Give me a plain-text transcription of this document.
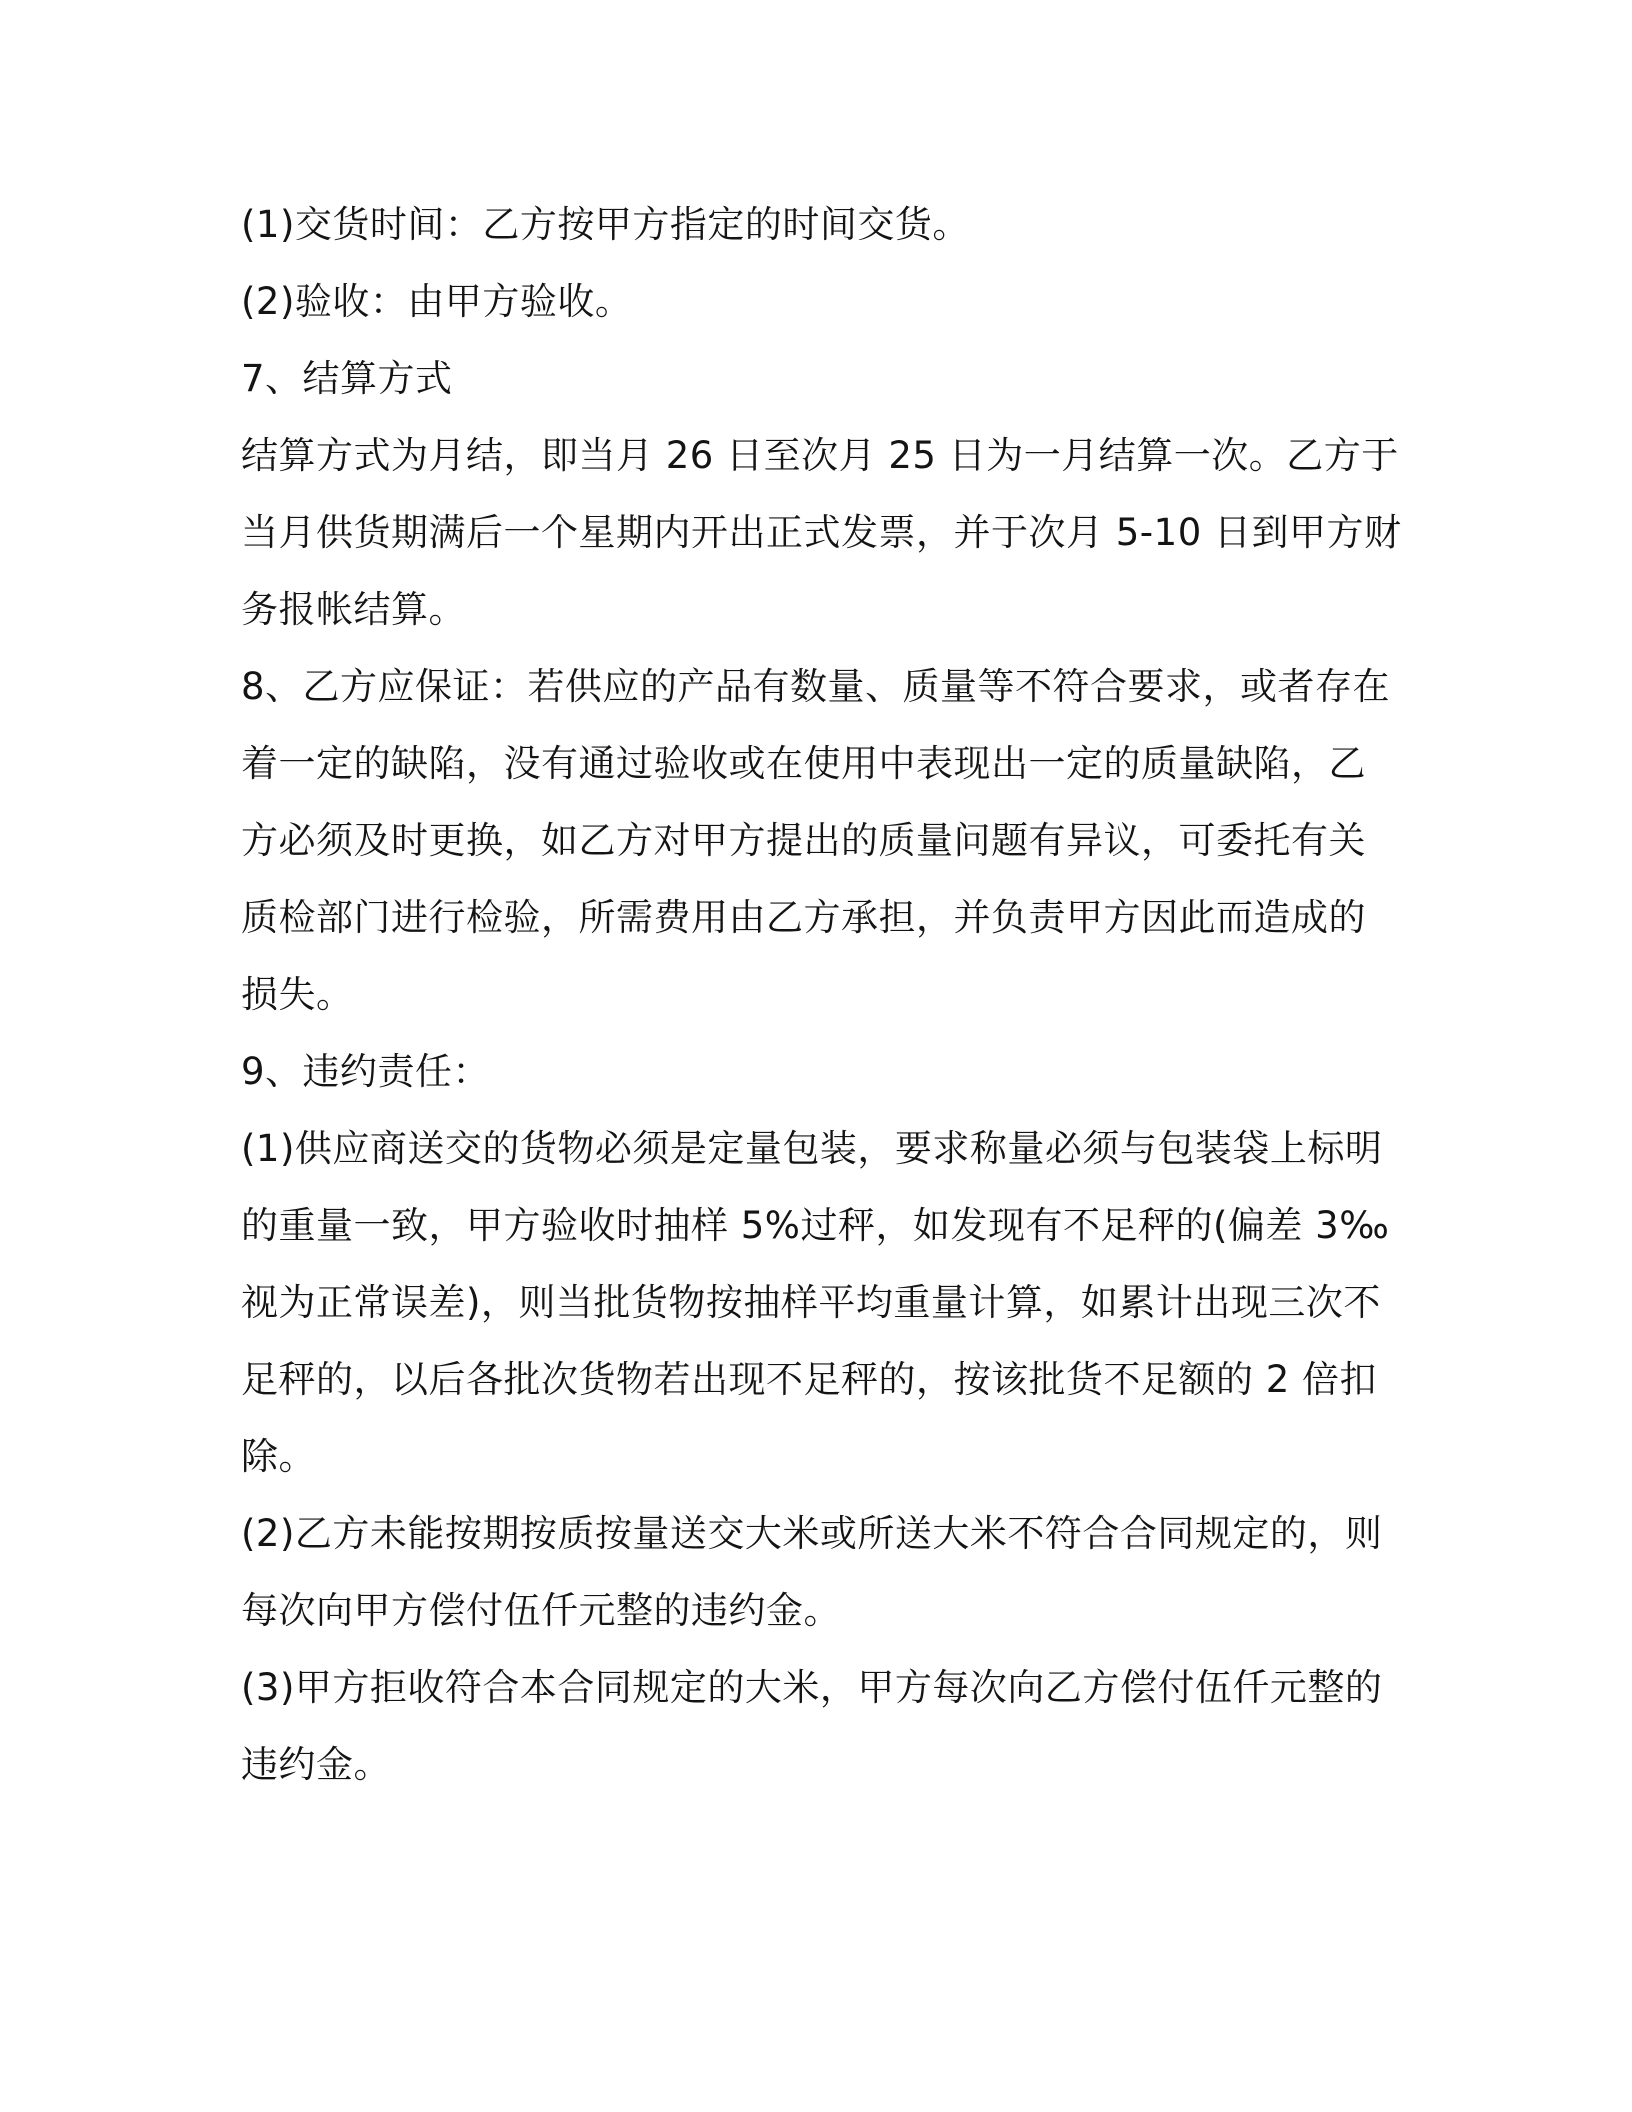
(1)交货时间：乙方按甲方指定的时间交货。
(2)验收：由甲方验收。
7、结算方式
结算方式为月结，即当月 26 日至次月 25 日为一月结算一次。乙方于
当月供货期满后一个星期内开出正式发票，并于次月 5-10 日到甲方财
务报帐结算。
8、乙方应保证：若供应的产品有数量、质量等不符合要求，或者存在
着一定的缺陷，没有通过验收或在使用中表现出一定的质量缺陷，乙
方必须及时更换，如乙方对甲方提出的质量问题有异议，可委托有关
质检部门进行检验，所需费用由乙方承担，并负责甲方因此而造成的
损失。
9、违约责任：
(1)供应商送交的货物必须是定量包装，要求称量必须与包装袋上标明
的重量一致，甲方验收时抽样 5%过秤，如发现有不足秤的(偏差 3‰
视为正常误差)，则当批货物按抽样平均重量计算，如累计出现三次不
足秤的，以后各批次货物若出现不足秤的，按该批货不足额的 2 倍扣
除。
(2)乙方未能按期按质按量送交大米或所送大米不符合合同规定的，则
每次向甲方偿付伍仟元整的违约金。
(3)甲方拒收符合本合同规定的大米，甲方每次向乙方偿付伍仟元整的
违约金。
